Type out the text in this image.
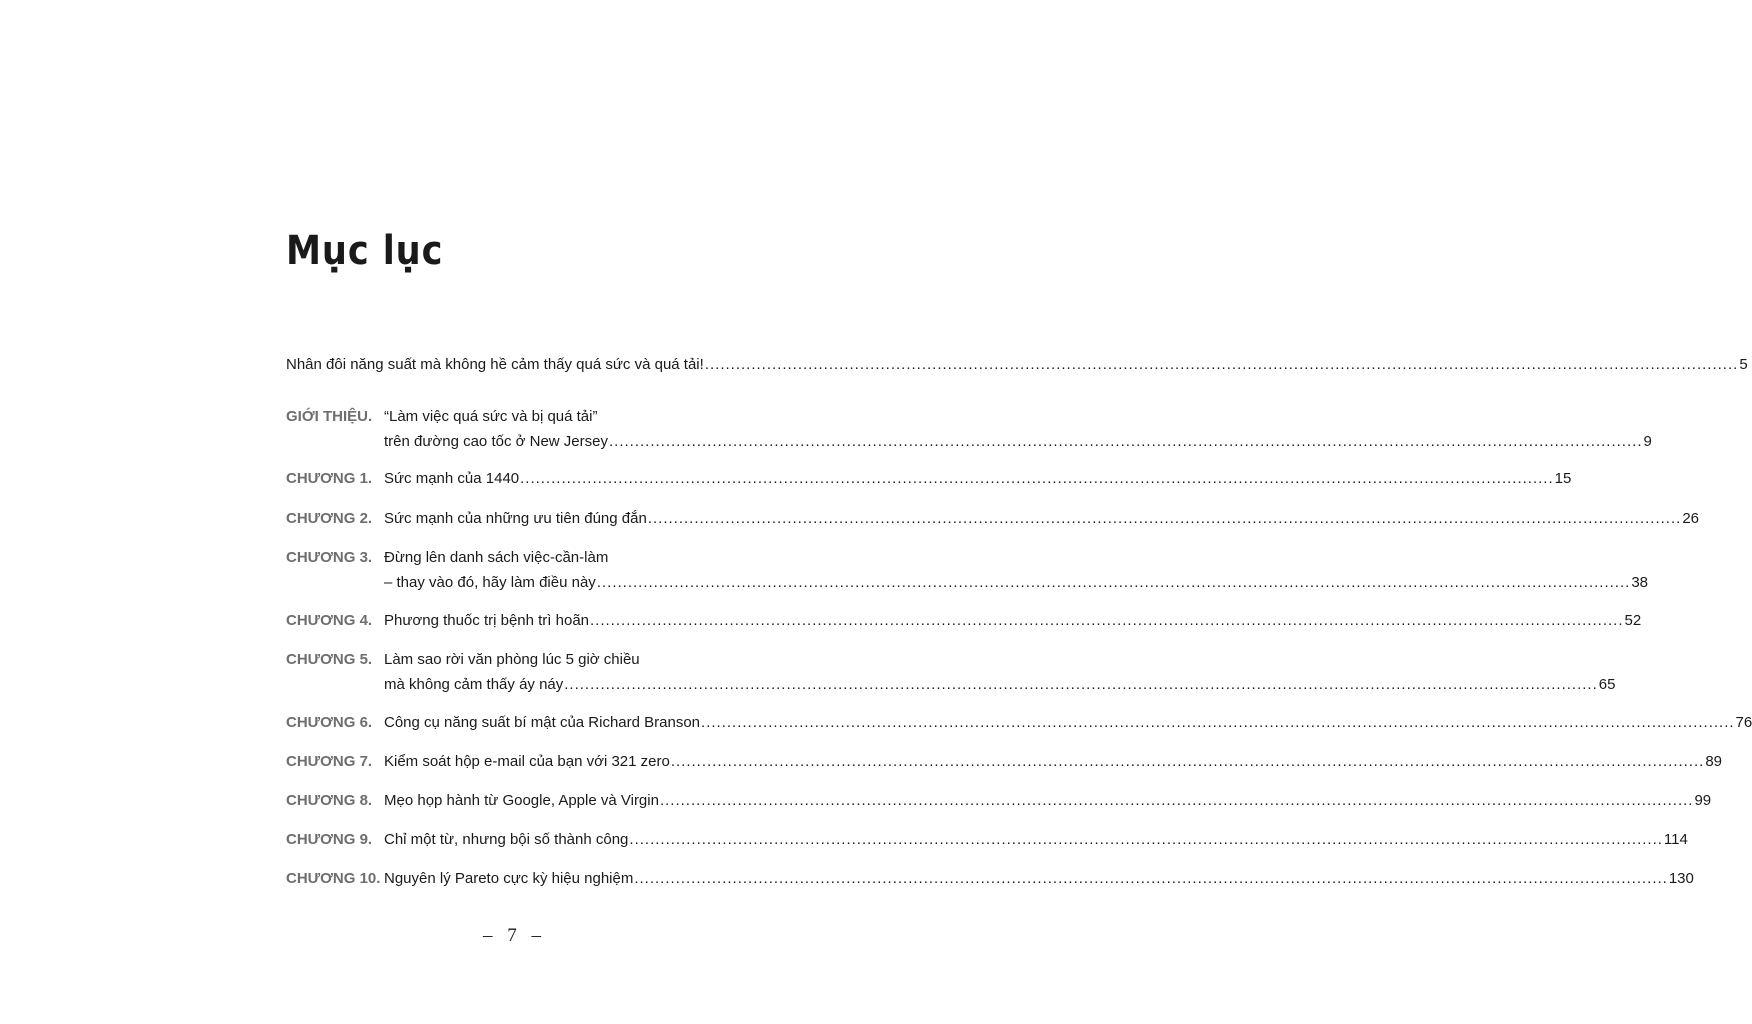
Mục lục
Nhân đôi năng suất mà không hề cảm thấy quá sức và quá tải! ........................................................................................................................................................................................................ 5
GIỚI THIỆU. “Làm việc quá sức và bị quá tải”
trên đường cao tốc ở New Jersey ........................................................................................................................................................................................................ 9
CHƯƠNG 1. Sức mạnh của 1440 ........................................................................................................................................................................................................ 15
CHƯƠNG 2. Sức mạnh của những ưu tiên đúng đắn ........................................................................................................................................................................................................ 26
CHƯƠNG 3. Đừng lên danh sách việc-cần-làm
– thay vào đó, hãy làm điều này ........................................................................................................................................................................................................ 38
CHƯƠNG 4. Phương thuốc trị bệnh trì hoãn ........................................................................................................................................................................................................ 52
CHƯƠNG 5. Làm sao rời văn phòng lúc 5 giờ chiều
mà không cảm thấy áy náy ........................................................................................................................................................................................................ 65
CHƯƠNG 6. Công cụ năng suất bí mật của Richard Branson ........................................................................................................................................................................................................ 76
CHƯƠNG 7. Kiểm soát hộp e-mail của bạn với 321 zero ........................................................................................................................................................................................................ 89
CHƯƠNG 8. Mẹo họp hành từ Google, Apple và Virgin ........................................................................................................................................................................................................ 99
CHƯƠNG 9. Chỉ một từ, nhưng bội số thành công ........................................................................................................................................................................................................ 114
CHƯƠNG 10. Nguyên lý Pareto cực kỳ hiệu nghiệm ........................................................................................................................................................................................................ 130
– 7 –
